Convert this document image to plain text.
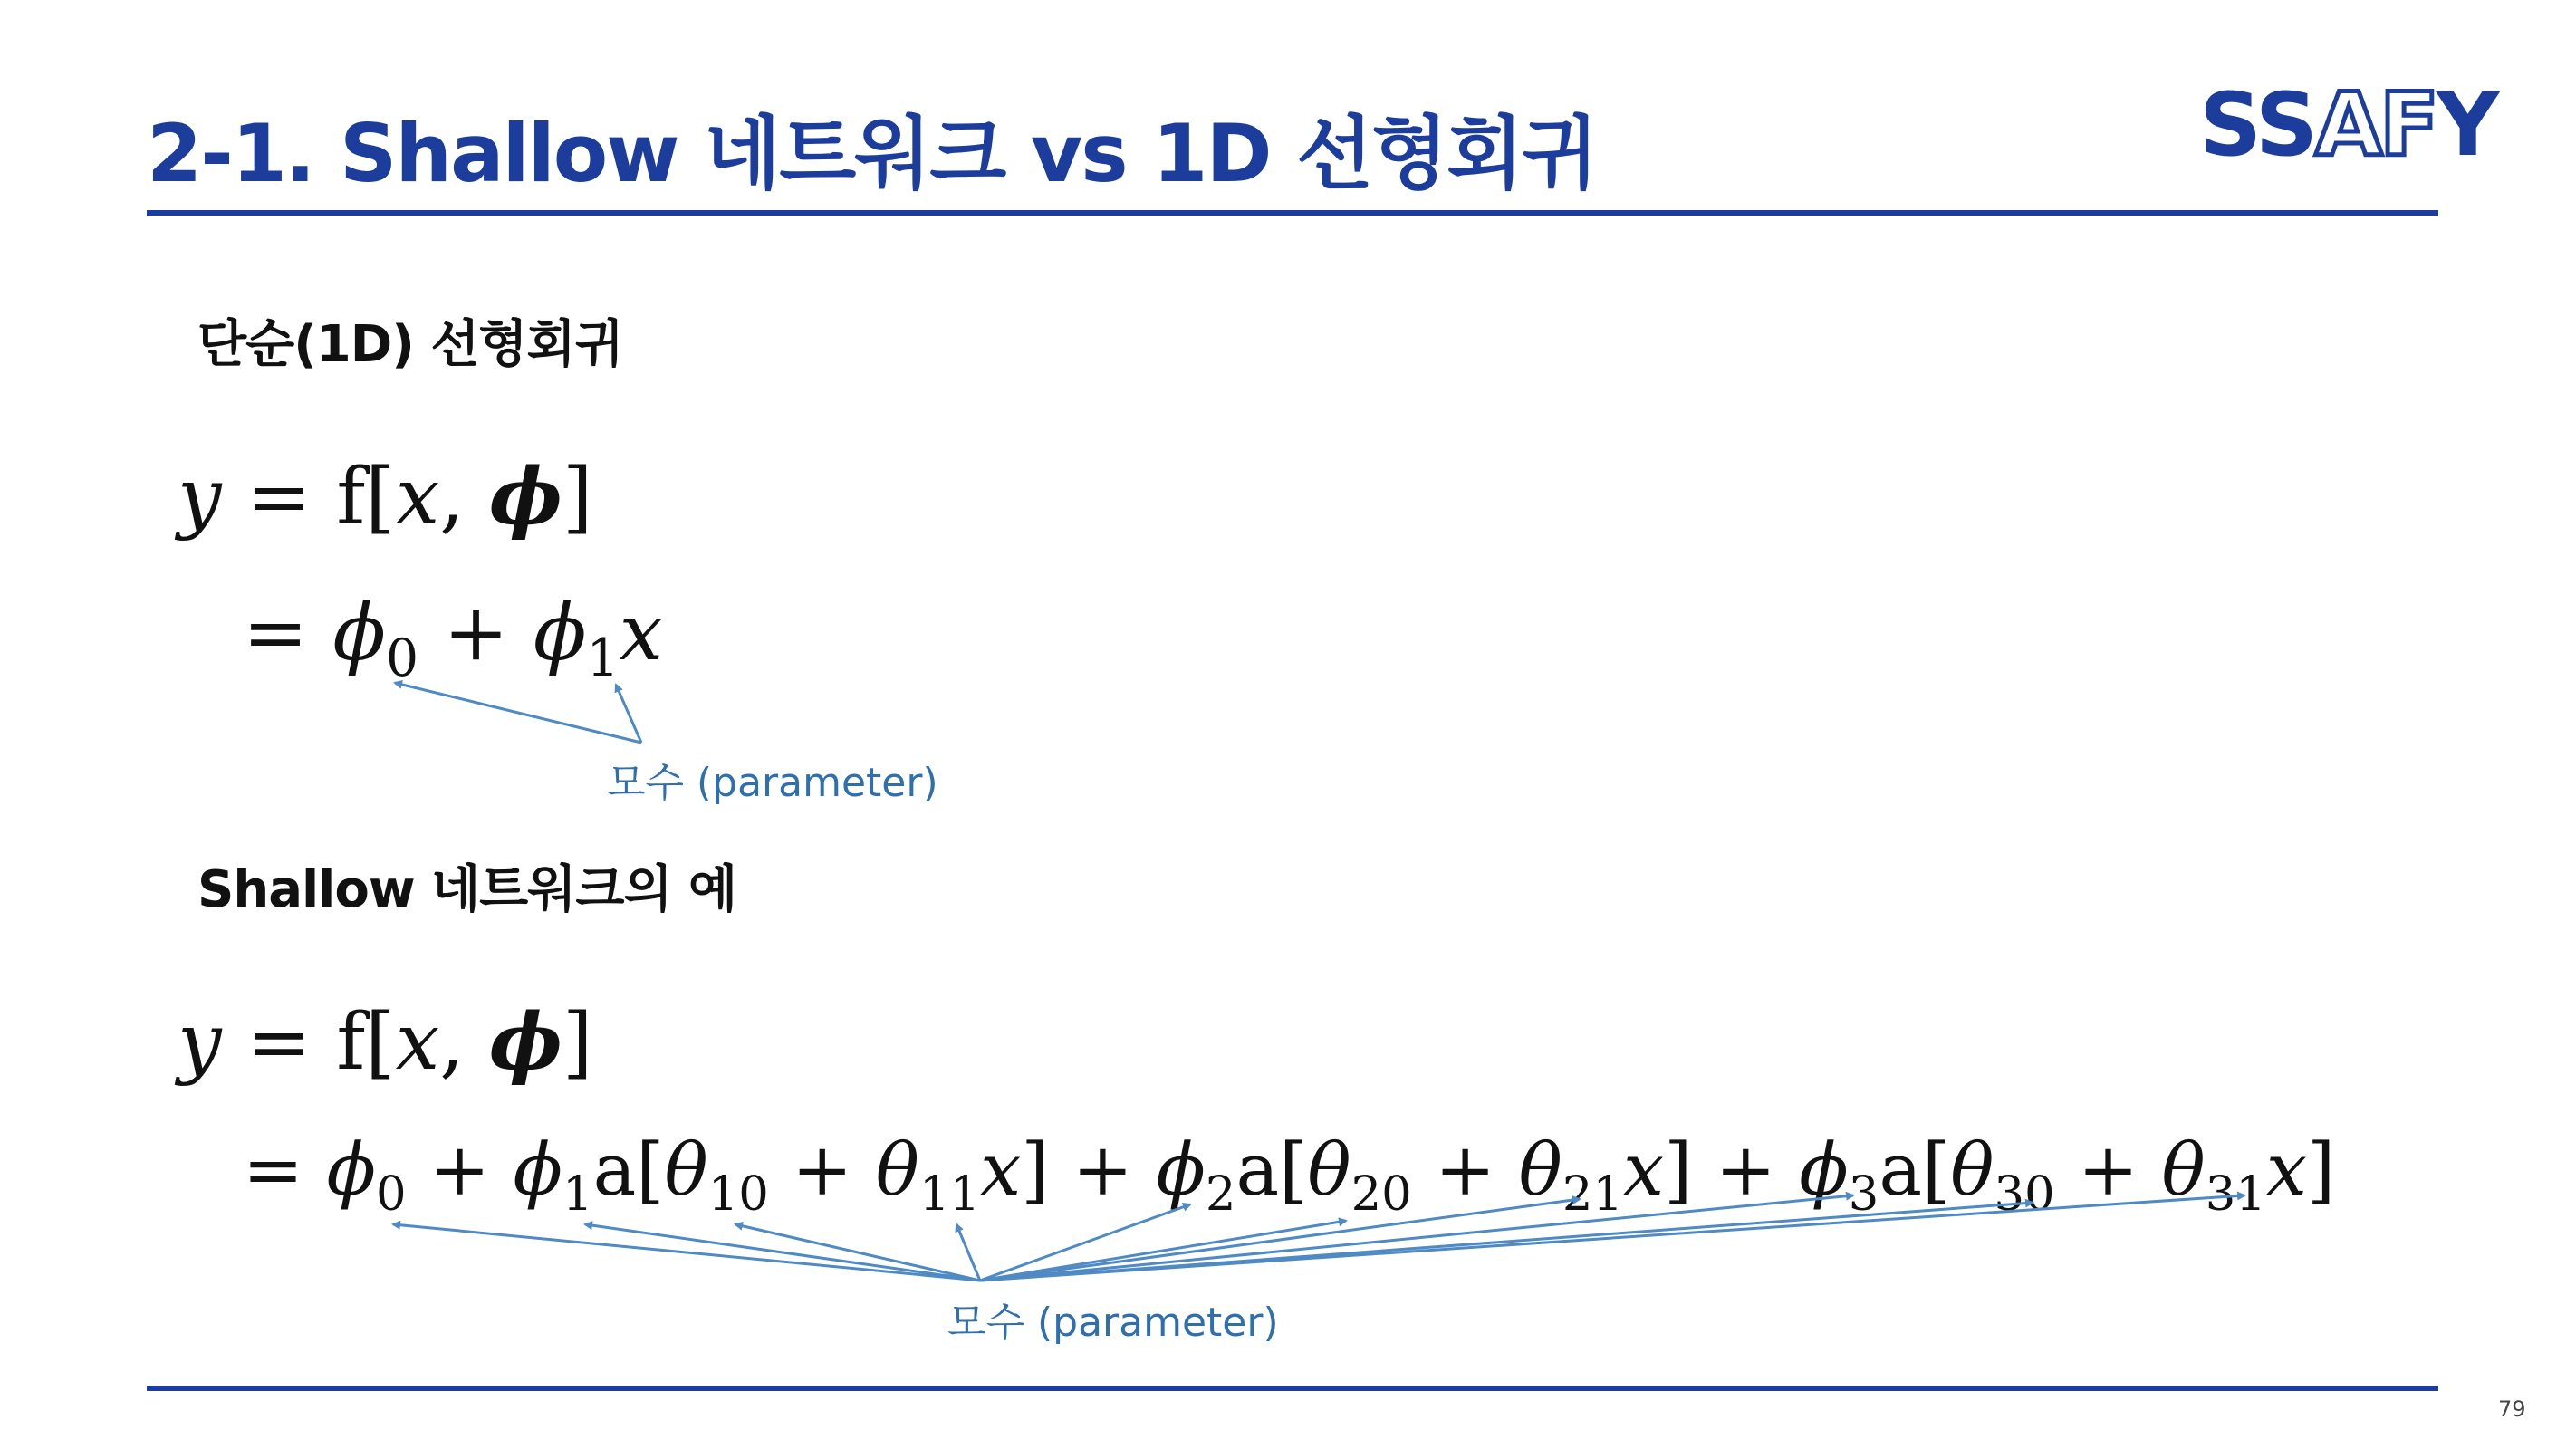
2-1. Shallow 네트워크 vs 1D 선형회귀	SSAFY
단순(1D) 선형회귀
y = f[x, ϕ]
= $\phi_0 + \phi_1x$
모수 (parameter)
Shallow 네트워크의 예
y = f[x, ϕ]
= $\phi_0 + \phi_1a[\theta_{10} + \theta_{11}x] + \phi_2a[\theta_{20} + \theta_{21}x] + \phi_3a[\theta_{30} + \theta_{31}x]$
모수 (parameter)
79
